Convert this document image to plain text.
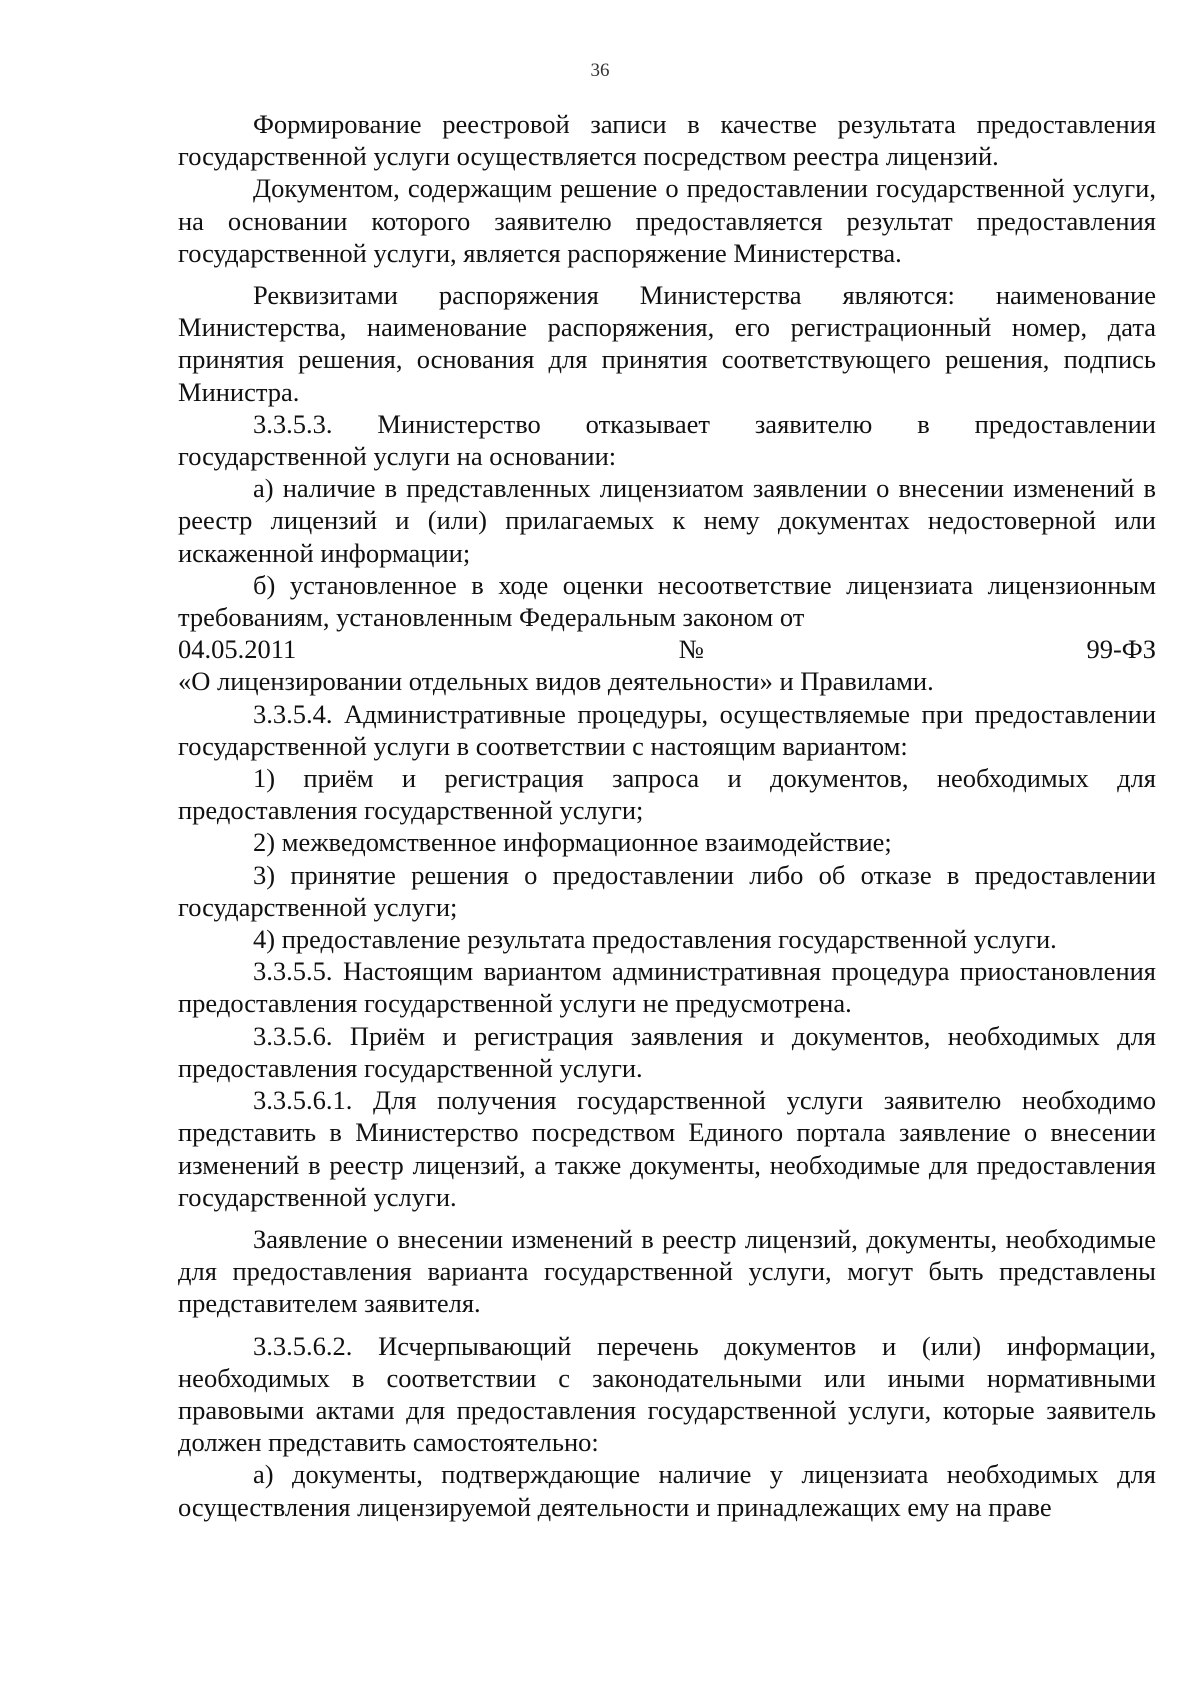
36

Формирование реестровой записи в качестве результата предоставления государственной услуги осуществляется посредством реестра лицензий.

Документом, содержащим решение о предоставлении государственной услуги, на основании которого заявителю предоставляется результат предоставления государственной услуги, является распоряжение Министерства.

Реквизитами распоряжения Министерства являются: наименование Министерства, наименование распоряжения, его регистрационный номер, дата принятия решения, основания для принятия соответствующего решения, подпись Министра.

3.3.5.3. Министерство отказывает заявителю в предоставлении государственной услуги на основании:

а) наличие в представленных лицензиатом заявлении о внесении изменений в реестр лицензий и (или) прилагаемых к нему документах недостоверной или искаженной информации;

б) установленное в ходе оценки несоответствие лицензиата лицензионным требованиям, установленным Федеральным законом от

04.05.2011	№	99-ФЗ

«О лицензировании отдельных видов деятельности» и Правилами.

3.3.5.4. Административные процедуры, осуществляемые при предоставлении государственной услуги в соответствии с настоящим вариантом:

1) приём и регистрация запроса и документов, необходимых для предоставления государственной услуги;

2) межведомственное информационное взаимодействие;

3) принятие решения о предоставлении либо об отказе в предоставлении государственной услуги;

4) предоставление результата предоставления государственной услуги.

3.3.5.5. Настоящим вариантом административная процедура приостановления предоставления государственной услуги не предусмотрена.

3.3.5.6. Приём и регистрация заявления и документов, необходимых для предоставления государственной услуги.

3.3.5.6.1. Для получения государственной услуги заявителю необходимо представить в Министерство посредством Единого портала заявление о внесении изменений в реестр лицензий, а также документы, необходимые для предоставления государственной услуги.

Заявление о внесении изменений в реестр лицензий, документы, необходимые для предоставления варианта государственной услуги, могут быть представлены представителем заявителя.

3.3.5.6.2. Исчерпывающий перечень документов и (или) информации, необходимых в соответствии с законодательными или иными нормативными правовыми актами для предоставления государственной услуги, которые заявитель должен представить самостоятельно:

а) документы, подтверждающие наличие у лицензиата необходимых для осуществления лицензируемой деятельности и принадлежащих ему на праве
